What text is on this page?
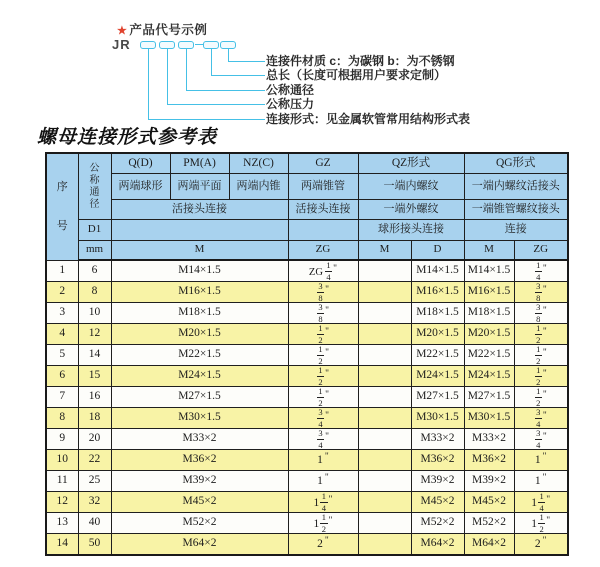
★ 产品代号示例
JR
连接件材质 c：为碳钢 b：为不锈钢
总长（长度可根据用户要求定制）
公称通径
公称压力
连接形式：见金属软管常用结构形式表
螺母连接形式参考表
序
号

公
称
通
径
	Q(D)	PM(A)	NZ(C)	GZ	QZ形式	QG形式
		两端球形	两端平面	两端内锥	两端锥管	一端内螺纹		一端内螺纹活接头	
		活接头连接			活接头连接	一端外螺纹		一端锥管螺纹接头	
	D1					球形接头连接		连接	
	mm	M			ZG	M	D	M	ZG
1	6	M14×1.5			ZG $\frac{1}{4} ^"$		M14×1.5	M14×1.5	$\frac{1}{4} ^"$
2	8	M16×1.5			$\frac{3}{8} ^"$		M16×1.5	M16×1.5	$\frac{3}{8} ^"$
3	10	M18×1.5			$\frac{3}{8} ^"$		M18×1.5	M18×1.5	$\frac{3}{8} ^"$
4	12	M20×1.5			$\frac{1}{2} ^"$		M20×1.5	M20×1.5	$\frac{1}{2} ^"$
5	14	M22×1.5			$\frac{1}{2} ^"$		M22×1.5	M22×1.5	$\frac{1}{2} ^"$
6	15	M24×1.5			$\frac{1}{2} ^"$		M24×1.5	M24×1.5	$\frac{1}{2} ^"$
7	16	M27×1.5			$\frac{1}{2} ^"$		M27×1.5	M27×1.5	$\frac{1}{2} ^"$
8	18	M30×1.5			$\frac{3}{4} ^"$		M30×1.5	M30×1.5	$\frac{3}{4} ^"$
9	20	M33×2			$\frac{3}{4} ^"$		M33×2	M33×2	$\frac{3}{4} ^"$
10	22	M36×2			1 "		M36×2	M36×2	1 "
11	25	M39×2			1 "		M39×2	M39×2	1 "
12	32	M45×2			$1 \frac{1}{4} ^"$		M45×2	M45×2	$1 \frac{1}{4} ^"$
13	40	M52×2			$1 \frac{1}{2} ^"$		M52×2	M52×2	$1 \frac{1}{2} ^"$
14	50	M64×2			2 "		M64×2	M64×2	2 "
